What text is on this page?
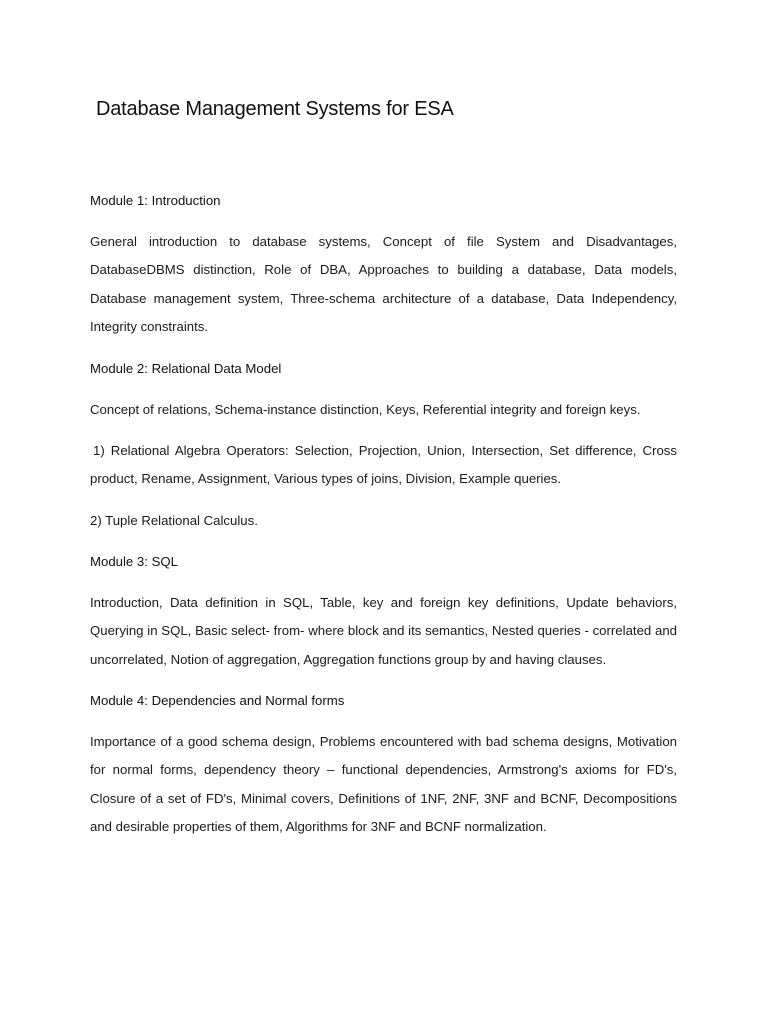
Database Management Systems for ESA
Module 1: Introduction

General introduction to database systems, Concept of file System and Disadvantages, DatabaseDBMS distinction, Role of DBA, Approaches to building a database, Data models, Database management system, Three-schema architecture of a database, Data Independency, Integrity constraints.

Module 2: Relational Data Model

Concept of relations, Schema-instance distinction, Keys, Referential integrity and foreign keys.

1) Relational Algebra Operators: Selection, Projection, Union, Intersection, Set difference, Cross product, Rename, Assignment, Various types of joins, Division, Example queries.

2) Tuple Relational Calculus.

Module 3: SQL

Introduction, Data definition in SQL, Table, key and foreign key definitions, Update behaviors, Querying in SQL, Basic select- from- where block and its semantics, Nested queries - correlated and uncorrelated, Notion of aggregation, Aggregation functions group by and having clauses.

Module 4: Dependencies and Normal forms

Importance of a good schema design, Problems encountered with bad schema designs, Motivation for normal forms, dependency theory – functional dependencies, Armstrong's axioms for FD's, Closure of a set of FD's, Minimal covers, Definitions of 1NF, 2NF, 3NF and BCNF, Decompositions and desirable properties of them, Algorithms for 3NF and BCNF normalization.
